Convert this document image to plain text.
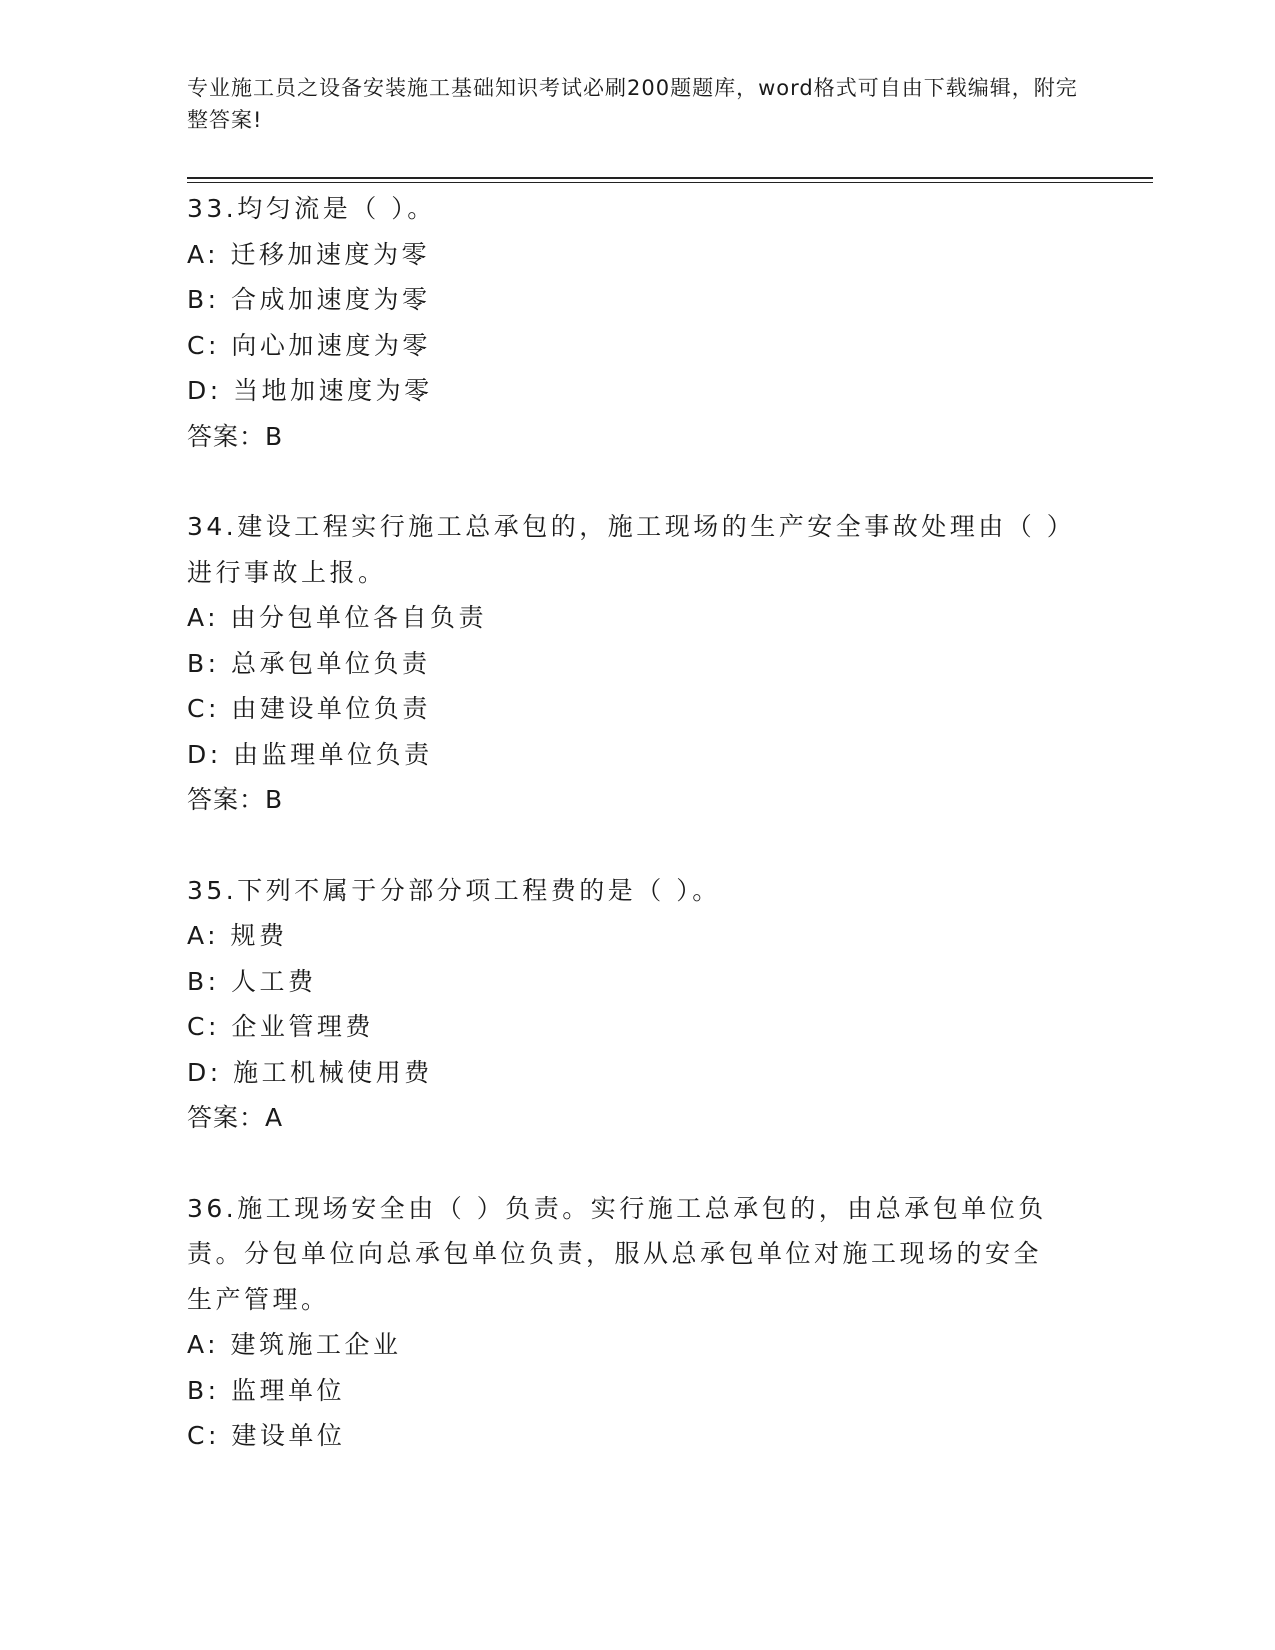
专业施工员之设备安装施工基础知识考试必刷200题题库，word格式可自由下载编辑，附完整答案!
33.均匀流是（ ）。
A: 迁移加速度为零
B: 合成加速度为零
C: 向心加速度为零
D: 当地加速度为零
答案：B
34.建设工程实行施工总承包的，施工现场的生产安全事故处理由（ ）进行事故上报。
A: 由分包单位各自负责
B: 总承包单位负责
C: 由建设单位负责
D: 由监理单位负责
答案：B
35.下列不属于分部分项工程费的是（ ）。
A: 规费
B: 人工费
C: 企业管理费
D: 施工机械使用费
答案：A
36.施工现场安全由（ ）负责。实行施工总承包的，由总承包单位负责。分包单位向总承包单位负责，服从总承包单位对施工现场的安全生产管理。
A: 建筑施工企业
B: 监理单位
C: 建设单位
